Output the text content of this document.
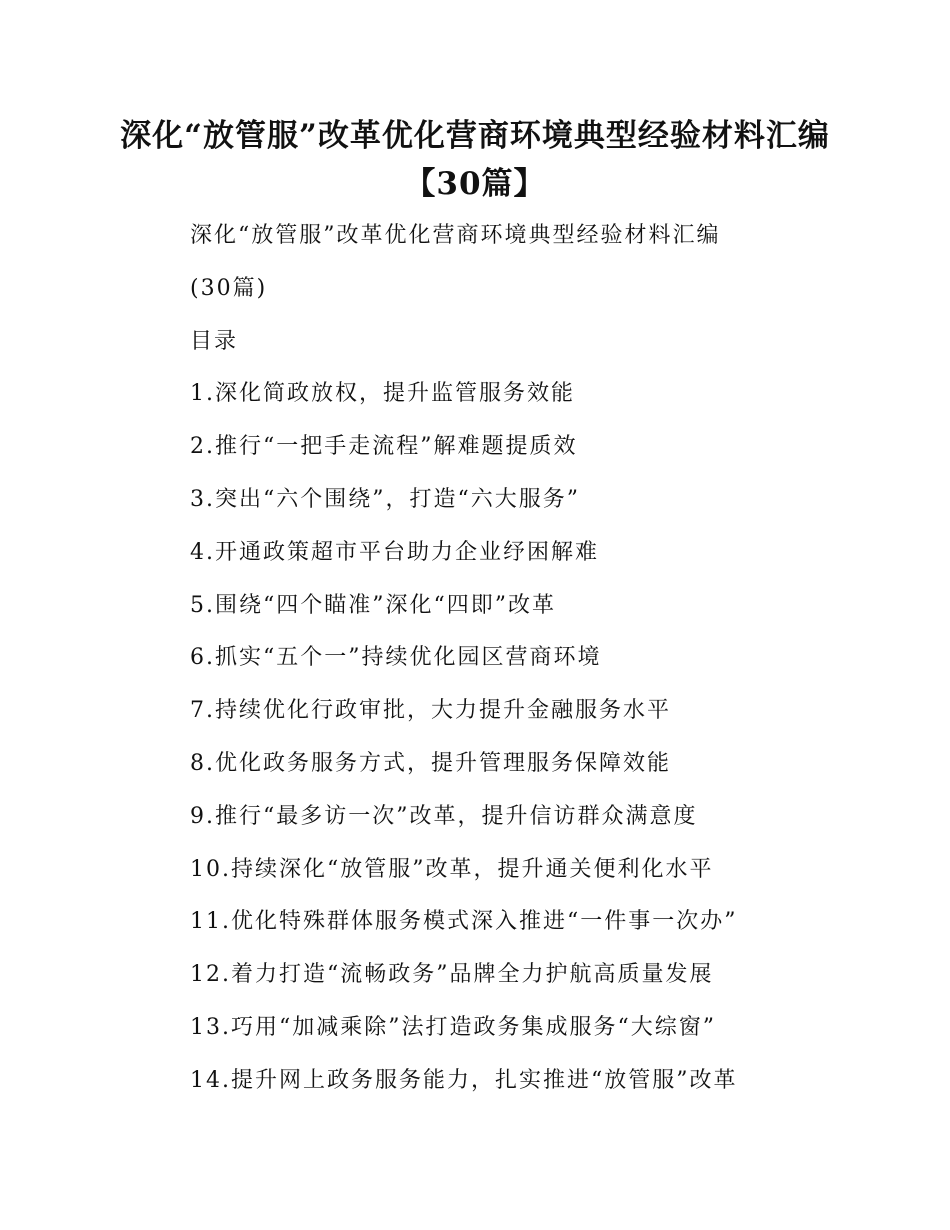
深化“放管服”改革优化营商环境典型经验材料汇编【30篇】
深化“放管服”改革优化营商环境典型经验材料汇编
(30篇)
目录
1.深化简政放权，提升监管服务效能
2.推行“一把手走流程”解难题提质效
3.突出“六个围绕”，打造“六大服务”
4.开通政策超市平台助力企业纾困解难
5.围绕“四个瞄准”深化“四即”改革
6.抓实“五个一”持续优化园区营商环境
7.持续优化行政审批，大力提升金融服务水平
8.优化政务服务方式，提升管理服务保障效能
9.推行“最多访一次”改革，提升信访群众满意度
10.持续深化“放管服”改革，提升通关便利化水平
11.优化特殊群体服务模式深入推进“一件事一次办”
12.着力打造“流畅政务”品牌全力护航高质量发展
13.巧用“加减乘除”法打造政务集成服务“大综窗”
14.提升网上政务服务能力，扎实推进“放管服”改革
